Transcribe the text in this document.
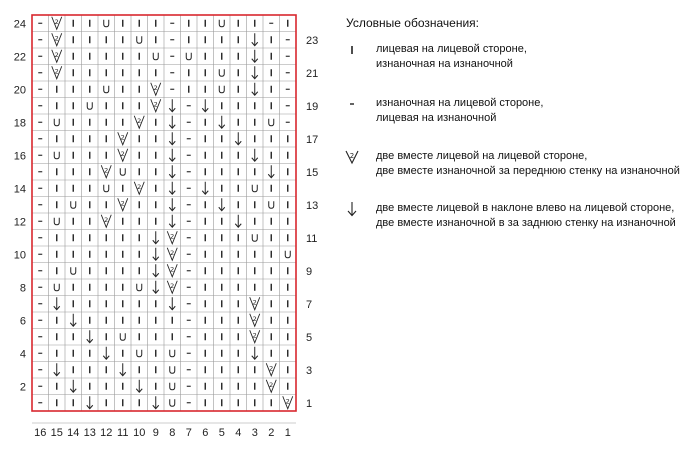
2
2
2
2
2
2
2
2
2
2
2
2
2
2
2
2
2
2
2
2
2
2
2
24
22
20
18
16
14
12
10
8
6
4
2
23
21
19
17
15
13
11
9
7
5
3
1
16 15 14 13 12 11 10 9 8 7 6 5 4 3 2 1
Условные обозначения:
лицевая на лицевой стороне,
изнаночная на изнаночной
изнаночная на лицевой стороне,
лицевая на изнаночной
2 две вместе лицевой на лицевой стороне,
две вместе изнаночной за переднюю стенку на изнаночной
две вместе лицевой в наклоне влево на лицевой стороне,
две вместе изнаночной в за заднюю стенку на изнаночной
